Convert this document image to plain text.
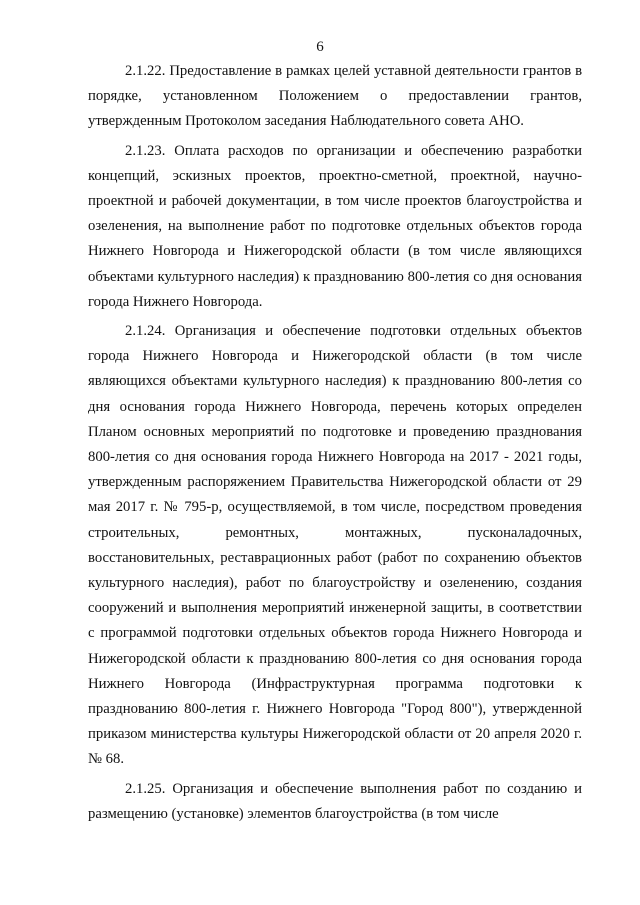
6

2.1.22. Предоставление в рамках целей уставной деятельности грантов в порядке, установленном Положением о предоставлении грантов, утвержденным Протоколом заседания Наблюдательного совета АНО.

2.1.23. Оплата расходов по организации и обеспечению разработки концепций, эскизных проектов, проектно-сметной, проектной, научно-проектной и рабочей документации, в том числе проектов благоустройства и озеленения, на выполнение работ по подготовке отдельных объектов города Нижнего Новгорода и Нижегородской области (в том числе являющихся объектами культурного наследия) к празднованию 800-летия со дня основания города Нижнего Новгорода.

2.1.24. Организация и обеспечение подготовки отдельных объектов города Нижнего Новгорода и Нижегородской области (в том числе являющихся объектами культурного наследия) к празднованию 800-летия со дня основания города Нижнего Новгорода, перечень которых определен Планом основных мероприятий по подготовке и проведению празднования 800-летия со дня основания города Нижнего Новгорода на 2017 - 2021 годы, утвержденным распоряжением Правительства Нижегородской области от 29 мая 2017 г. № 795-р, осуществляемой, в том числе, посредством проведения строительных, ремонтных, монтажных, пусконаладочных, восстановительных, реставрационных работ (работ по сохранению объектов культурного наследия), работ по благоустройству и озеленению, создания сооружений и выполнения мероприятий инженерной защиты, в соответствии с программой подготовки отдельных объектов города Нижнего Новгорода и Нижегородской области к празднованию 800-летия со дня основания города Нижнего Новгорода (Инфраструктурная программа подготовки к празднованию 800-летия г. Нижнего Новгорода "Город 800"), утвержденной приказом министерства культуры Нижегородской области от 20 апреля 2020 г. № 68.

2.1.25. Организация и обеспечение выполнения работ по созданию и размещению (установке) элементов благоустройства (в том числе
